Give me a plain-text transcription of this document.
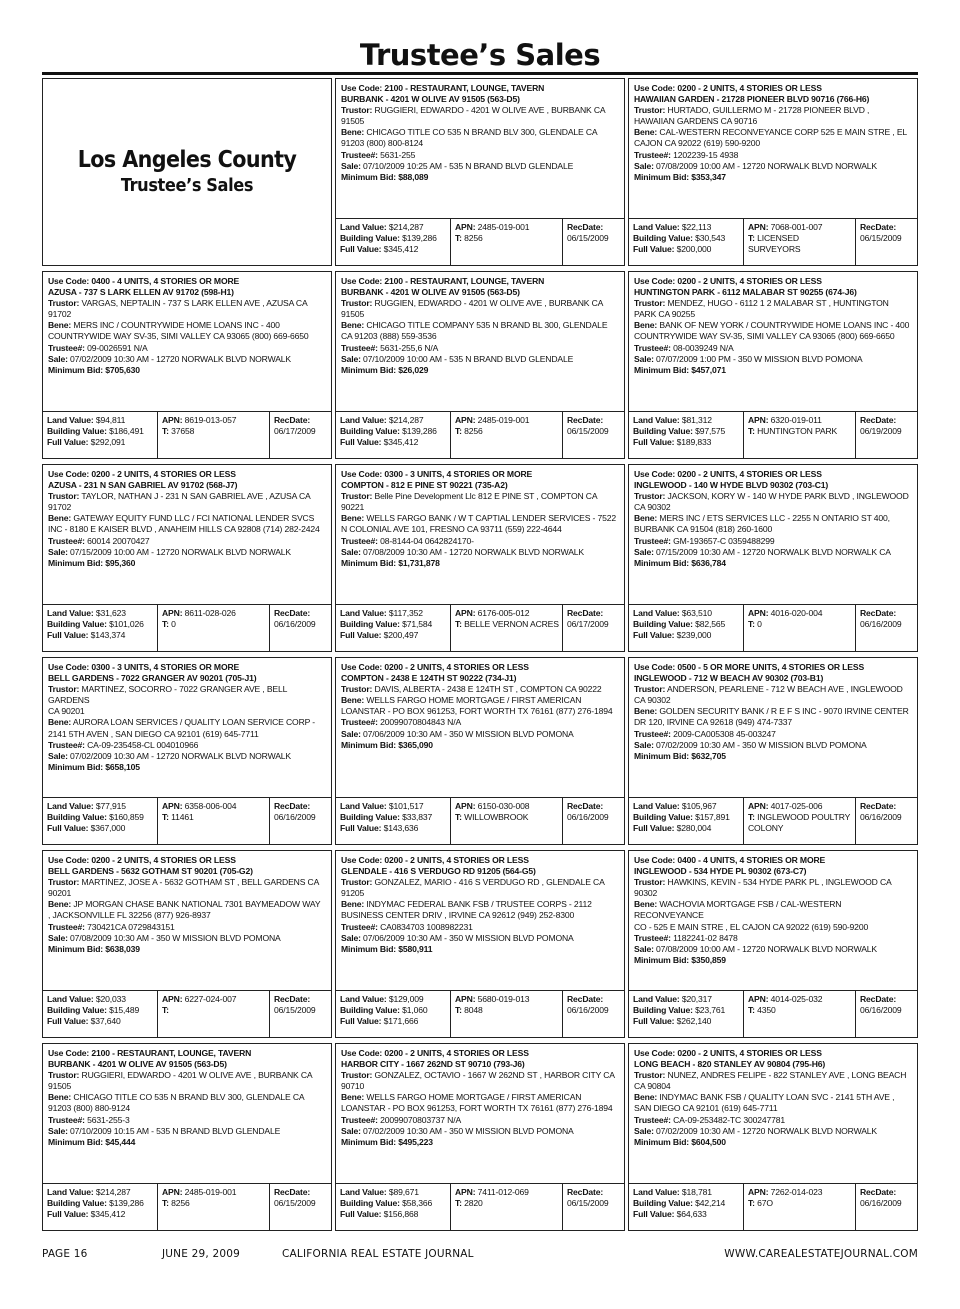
Trustee’s Sales
Los Angeles County
Trustee’s Sales
Use Code: 2100 - RESTAURANT, LOUNGE, TAVERN
BURBANK - 4201 W OLIVE AV 91505 (563-D5)
Trustor: RUGGIERI, EDWARDO - 4201 W OLIVE AVE , BURBANK CA
91505
Bene: CHICAGO TITLE CO 535 N BRAND BLV 300, GLENDALE CA
91203 (800) 800-8124
Trustee#: 5631-255
Sale: 07/10/2009 10:25 AM - 535 N BRAND BLVD GLENDALE
Minimum Bid: $88,089
Land Value: $214,287
Building Value: $139,286
Full Value: $345,412
APN: 2485-019-001
T: 8256
RecDate:
06/15/2009
Use Code: 0200 - 2 UNITS, 4 STORIES OR LESS
HAWAIIAN GARDEN - 21728 PIONEER BLVD 90716 (766-H6)
Trustor: HURTADO, GUILLERMO M - 21728 PIONEER BLVD ,
HAWAIIAN GARDENS CA 90716
Bene: CAL-WESTERN RECONVEYANCE CORP 525 E MAIN STRE , EL
CAJON CA 92022 (619) 590-9200
Trustee#: 1202239-15 4938
Sale: 07/08/2009 10:00 AM - 12720 NORWALK BLVD NORWALK
Minimum Bid: $353,347
Land Value: $22,113
Building Value: $30,543
Full Value: $200,000
APN: 7068-001-007
T: LICENSED SURVEYORS
RecDate:
06/15/2009
Use Code: 0400 - 4 UNITS, 4 STORIES OR MORE
AZUSA - 737 S LARK ELLEN AV 91702 (598-H1)
Trustor: VARGAS, NEPTALIN - 737 S LARK ELLEN AVE , AZUSA CA
91702
Bene: MERS INC / COUNTRYWIDE HOME LOANS INC - 400
COUNTRYWIDE WAY SV-35, SIMI VALLEY CA 93065 (800) 669-6650
Trustee#: 09-0026591 N/A
Sale: 07/02/2009 10:30 AM - 12720 NORWALK BLVD NORWALK
Minimum Bid: $705,630
Land Value: $94,811
Building Value: $186,491
Full Value: $292,091
APN: 8619-013-057
T: 37658
RecDate:
06/17/2009
Use Code: 2100 - RESTAURANT, LOUNGE, TAVERN
BURBANK - 4201 W OLIVE AV 91505 (563-D5)
Trustor: RUGGIEN, EDWARDO - 4201 W OLIVE AVE , BURBANK CA
91505
Bene: CHICAGO TITLE COMPANY 535 N BRAND BL 300, GLENDALE
CA 91203 (888) 559-3536
Trustee#: 5631-255,6 N/A
Sale: 07/10/2009 10:00 AM - 535 N BRAND BLVD GLENDALE
Minimum Bid: $26,029
Land Value: $214,287
Building Value: $139,286
Full Value: $345,412
APN: 2485-019-001
T: 8256
RecDate:
06/15/2009
Use Code: 0200 - 2 UNITS, 4 STORIES OR LESS
HUNTINGTON PARK - 6112 MALABAR ST 90255 (674-J6)
Trustor: MENDEZ, HUGO - 6112 1 2 MALABAR ST , HUNTINGTON
PARK CA 90255
Bene: BANK OF NEW YORK / COUNTRYWIDE HOME LOANS INC - 400
COUNTRYWIDE WAY SV-35, SIMI VALLEY CA 93065 (800) 669-6650
Trustee#: 08-0039249 N/A
Sale: 07/07/2009 1:00 PM - 350 W MISSION BLVD POMONA
Minimum Bid: $457,071
Land Value: $81,312
Building Value: $97,575
Full Value: $189,833
APN: 6320-019-011
T: HUNTINGTON PARK
RecDate:
06/19/2009
Use Code: 0200 - 2 UNITS, 4 STORIES OR LESS
AZUSA - 231 N SAN GABRIEL AV 91702 (568-J7)
Trustor: TAYLOR, NATHAN J - 231 N SAN GABRIEL AVE , AZUSA CA
91702
Bene: GATEWAY EQUITY FUND LLC / FCI NATIONAL LENDER SVCS
INC - 8180 E KAISER BLVD , ANAHEIM HILLS CA 92808 (714) 282-2424
Trustee#: 60014 20070427
Sale: 07/15/2009 10:00 AM - 12720 NORWALK BLVD NORWALK
Minimum Bid: $95,360
Land Value: $31,623
Building Value: $101,026
Full Value: $143,374
APN: 8611-028-026
T: 0
RecDate:
06/16/2009
Use Code: 0300 - 3 UNITS, 4 STORIES OR MORE
COMPTON - 812 E PINE ST 90221 (735-A2)
Trustor: Belle Pine Development Llc 812 E PINE ST , COMPTON CA
90221
Bene: WELLS FARGO BANK / W T CAPTIAL LENDER SERVICES - 7522
N COLONIAL AVE 101, FRESNO CA 93711 (559) 222-4644
Trustee#: 08-8144-04 0642824170-
Sale: 07/08/2009 10:30 AM - 12720 NORWALK BLVD NORWALK
Minimum Bid: $1,731,878
Land Value: $117,352
Building Value: $71,584
Full Value: $200,497
APN: 6176-005-012
T: BELLE VERNON ACRES
RecDate:
06/17/2009
Use Code: 0200 - 2 UNITS, 4 STORIES OR LESS
INGLEWOOD - 140 W HYDE BLVD 90302 (703-C1)
Trustor: JACKSON, KORY W - 140 W HYDE PARK BLVD , INGLEWOOD
CA 90302
Bene: MERS INC / ETS SERVICES LLC - 2255 N ONTARIO ST 400,
BURBANK CA 91504 (818) 260-1600
Trustee#: GM-193657-C 0359488299
Sale: 07/15/2009 10:30 AM - 12720 NORWALK BLVD NORWALK CA
Minimum Bid: $636,784
Land Value: $63,510
Building Value: $82,565
Full Value: $239,000
APN: 4016-020-004
T: 0
RecDate:
06/16/2009
Use Code: 0300 - 3 UNITS, 4 STORIES OR MORE
BELL GARDENS - 7022 GRANGER AV 90201 (705-J1)
Trustor: MARTINEZ, SOCORRO - 7022 GRANGER AVE , BELL GARDENS
CA 90201
Bene: AURORA LOAN SERVICES / QUALITY LOAN SERVICE CORP -
2141 5TH AVEN , SAN DIEGO CA 92101 (619) 645-7711
Trustee#: CA-09-235458-CL 004010966
Sale: 07/02/2009 10:30 AM - 12720 NORWALK BLVD NORWALK
Minimum Bid: $658,105
Land Value: $77,915
Building Value: $160,859
Full Value: $367,000
APN: 6358-006-004
T: 11461
RecDate:
06/16/2009
Use Code: 0200 - 2 UNITS, 4 STORIES OR LESS
COMPTON - 2438 E 124TH ST 90222 (734-J1)
Trustor: DAVIS, ALBERTA - 2438 E 124TH ST , COMPTON CA 90222
Bene: WELLS FARGO HOME MORTGAGE / FIRST AMERICAN
LOANSTAR - PO BOX 961253, FORT WORTH TX 76161 (877) 276-1894
Trustee#: 20099070804843 N/A
Sale: 07/06/2009 10:30 AM - 350 W MISSION BLVD POMONA
Minimum Bid: $365,090
Land Value: $101,517
Building Value: $33,837
Full Value: $143,636
APN: 6150-030-008
T: WILLOWBROOK
RecDate:
06/16/2009
Use Code: 0500 - 5 OR MORE UNITS, 4 STORIES OR LESS
INGLEWOOD - 712 W BEACH AV 90302 (703-B1)
Trustor: ANDERSON, PEARLENE - 712 W BEACH AVE , INGLEWOOD
CA 90302
Bene: GOLDEN SECURITY BANK / R E F S INC - 9070 IRVINE CENTER
DR 120, IRVINE CA 92618 (949) 474-7337
Trustee#: 2009-CA005308 45-003247
Sale: 07/02/2009 10:30 AM - 350 W MISSION BLVD POMONA
Minimum Bid: $632,705
Land Value: $105,967
Building Value: $157,891
Full Value: $280,004
APN: 4017-025-006
T: INGLEWOOD POULTRY
COLONY
RecDate:
06/16/2009
Use Code: 0200 - 2 UNITS, 4 STORIES OR LESS
BELL GARDENS - 5632 GOTHAM ST 90201 (705-G2)
Trustor: MARTINEZ, JOSE A - 5632 GOTHAM ST , BELL GARDENS CA
90201
Bene: JP MORGAN CHASE BANK NATIONAL 7301 BAYMEADOW WAY
, JACKSONVILLE FL 32256 (877) 926-8937
Trustee#: 730421CA 0729843151
Sale: 07/08/2009 10:30 AM - 350 W MISSION BLVD POMONA
Minimum Bid: $638,039
Land Value: $20,033
Building Value: $15,489
Full Value: $37,640
APN: 6227-024-007
T:
RecDate:
06/15/2009
Use Code: 0200 - 2 UNITS, 4 STORIES OR LESS
GLENDALE - 416 S VERDUGO RD 91205 (564-G5)
Trustor: GONZALEZ, MARIO - 416 S VERDUGO RD , GLENDALE CA
91205
Bene: INDYMAC FEDERAL BANK FSB / TRUSTEE CORPS - 2112
BUSINESS CENTER DRIV , IRVINE CA 92612 (949) 252-8300
Trustee#: CA0834703 1008982231
Sale: 07/06/2009 10:30 AM - 350 W MISSION BLVD POMONA
Minimum Bid: $580,911
Land Value: $129,009
Building Value: $1,060
Full Value: $171,666
APN: 5680-019-013
T: 8048
RecDate:
06/16/2009
Use Code: 0400 - 4 UNITS, 4 STORIES OR MORE
INGLEWOOD - 534 HYDE PL 90302 (673-C7)
Trustor: HAWKINS, KEVIN - 534 HYDE PARK PL , INGLEWOOD CA
90302
Bene: WACHOVIA MORTGAGE FSB / CAL-WESTERN RECONVEYANCE
CO - 525 E MAIN STRE , EL CAJON CA 92022 (619) 590-9200
Trustee#: 1182241-02 8478
Sale: 07/08/2009 10:00 AM - 12720 NORWALK BLVD NORWALK
Minimum Bid: $350,859
Land Value: $20,317
Building Value: $23,761
Full Value: $262,140
APN: 4014-025-032
T: 4350
RecDate:
06/16/2009
Use Code: 2100 - RESTAURANT, LOUNGE, TAVERN
BURBANK - 4201 W OLIVE AV 91505 (563-D5)
Trustor: RUGGIERI, EDWARDO - 4201 W OLIVE AVE , BURBANK CA
91505
Bene: CHICAGO TITLE CO 535 N BRAND BLV 300, GLENDALE CA
91203 (800) 880-9124
Trustee#: 5631-255-3
Sale: 07/10/2009 10:15 AM - 535 N BRAND BLVD GLENDALE
Minimum Bid: $45,444
Land Value: $214,287
Building Value: $139,286
Full Value: $345,412
APN: 2485-019-001
T: 8256
RecDate:
06/15/2009
Use Code: 0200 - 2 UNITS, 4 STORIES OR LESS
HARBOR CITY - 1667 262ND ST 90710 (793-J6)
Trustor: GONZALEZ, OCTAVIO - 1667 W 262ND ST , HARBOR CITY CA
90710
Bene: WELLS FARGO HOME MORTGAGE / FIRST AMERICAN
LOANSTAR - PO BOX 961253, FORT WORTH TX 76161 (877) 276-1894
Trustee#: 20099070803737 N/A
Sale: 07/02/2009 10:30 AM - 350 W MISSION BLVD POMONA
Minimum Bid: $495,223
Land Value: $89,671
Building Value: $58,366
Full Value: $156,868
APN: 7411-012-069
T: 2820
RecDate:
06/15/2009
Use Code: 0200 - 2 UNITS, 4 STORIES OR LESS
LONG BEACH - 820 STANLEY AV 90804 (795-H6)
Trustor: NUNEZ, ANDRES FELIPE - 822 STANLEY AVE , LONG BEACH
CA 90804
Bene: INDYMAC BANK FSB / QUALITY LOAN SVC - 2141 5TH AVE ,
SAN DIEGO CA 92101 (619) 645-7711
Trustee#: CA-09-253482-TC 300247781
Sale: 07/02/2009 10:30 AM - 12720 NORWALK BLVD NORWALK
Minimum Bid: $604,500
Land Value: $18,781
Building Value: $42,214
Full Value: $64,633
APN: 7262-014-023
T: 67O
RecDate:
06/16/2009
PAGE 16	JUNE 29, 2009	CALIFORNIA REAL ESTATE JOURNAL	WWW.CAREALESTATEJOURNAL.COM
